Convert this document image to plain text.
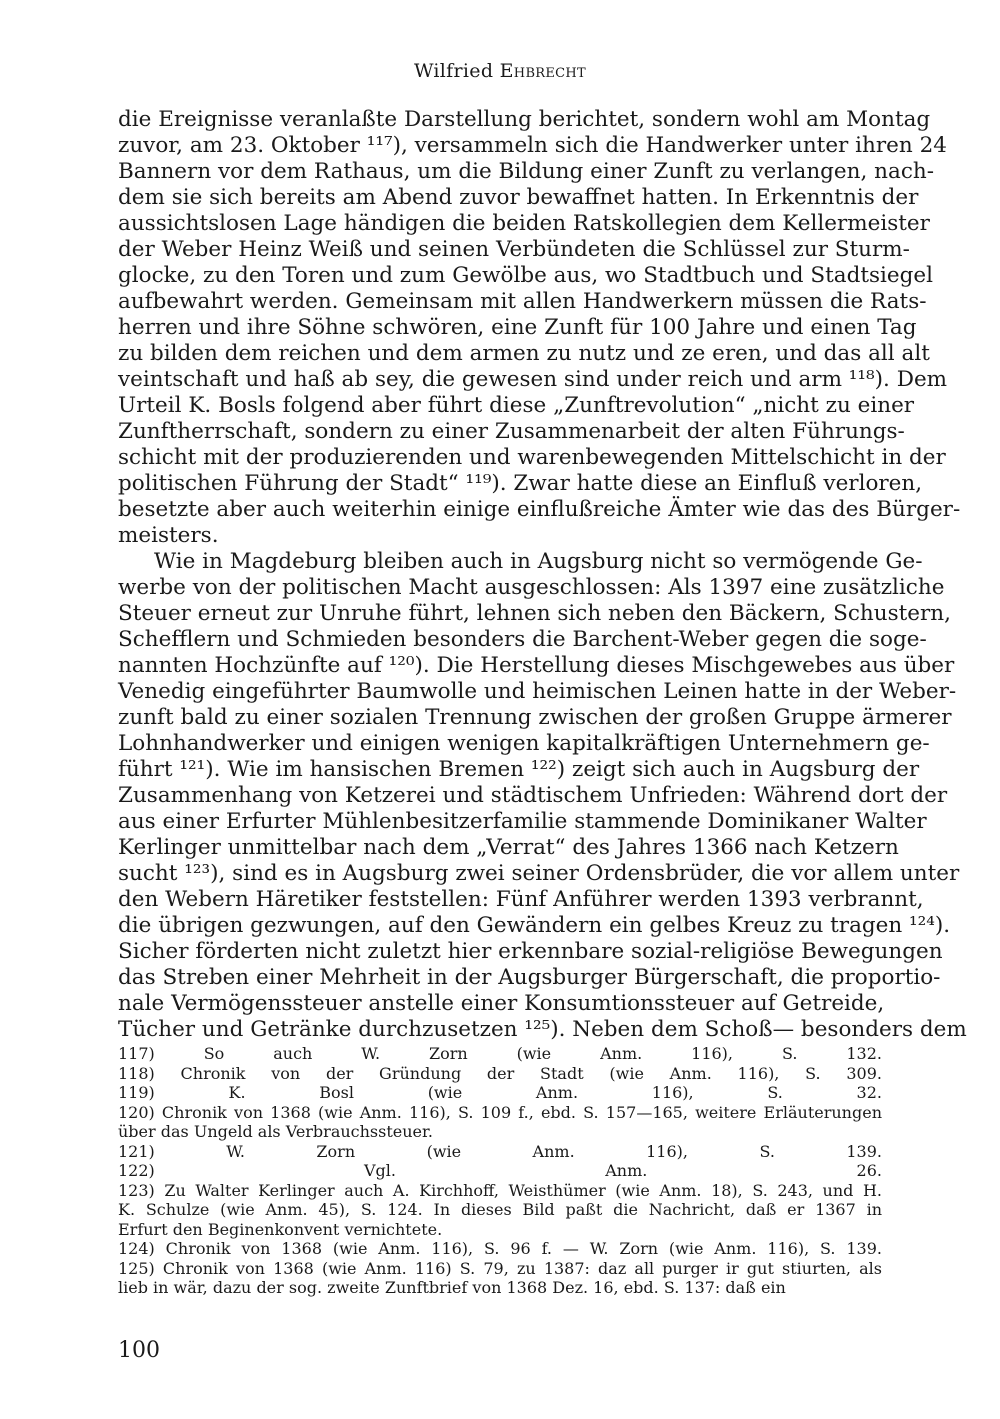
Wilfried Ehbrecht
die Ereignisse veranlaßte Darstellung berichtet, sondern wohl am Montag
zuvor, am 23. Oktober ¹¹⁷), versammeln sich die Handwerker unter ihren 24
Bannern vor dem Rathaus, um die Bildung einer Zunft zu verlangen, nach-
dem sie sich bereits am Abend zuvor bewaffnet hatten. In Erkenntnis der
aussichtslosen Lage händigen die beiden Ratskollegien dem Kellermeister
der Weber Heinz Weiß und seinen Verbündeten die Schlüssel zur Sturm-
glocke, zu den Toren und zum Gewölbe aus, wo Stadtbuch und Stadtsiegel
aufbewahrt werden. Gemeinsam mit allen Handwerkern müssen die Rats-
herren und ihre Söhne schwören, eine Zunft für 100 Jahre und einen Tag
zu bilden dem reichen und dem armen zu nutz und ze eren, und das all alt
veintschaft und haß ab sey, die gewesen sind under reich und arm ¹¹⁸). Dem
Urteil K. Bosls folgend aber führt diese „Zunftrevolution“ „nicht zu einer
Zunftherrschaft, sondern zu einer Zusammenarbeit der alten Führungs-
schicht mit der produzierenden und warenbewegenden Mittelschicht in der
politischen Führung der Stadt“ ¹¹⁹). Zwar hatte diese an Einfluß verloren,
besetzte aber auch weiterhin einige einflußreiche Ämter wie das des Bürger-
meisters.
Wie in Magdeburg bleiben auch in Augsburg nicht so vermögende Ge-
werbe von der politischen Macht ausgeschlossen: Als 1397 eine zusätzliche
Steuer erneut zur Unruhe führt, lehnen sich neben den Bäckern, Schustern,
Schefflern und Schmieden besonders die Barchent-Weber gegen die soge-
nannten Hochzünfte auf ¹²⁰). Die Herstellung dieses Mischgewebes aus über
Venedig eingeführter Baumwolle und heimischen Leinen hatte in der Weber-
zunft bald zu einer sozialen Trennung zwischen der großen Gruppe ärmerer
Lohnhandwerker und einigen wenigen kapitalkräftigen Unternehmern ge-
führt ¹²¹). Wie im hansischen Bremen ¹²²) zeigt sich auch in Augsburg der
Zusammenhang von Ketzerei und städtischem Unfrieden: Während dort der
aus einer Erfurter Mühlenbesitzerfamilie stammende Dominikaner Walter
Kerlinger unmittelbar nach dem „Verrat“ des Jahres 1366 nach Ketzern
sucht ¹²³), sind es in Augsburg zwei seiner Ordensbrüder, die vor allem unter
den Webern Häretiker feststellen: Fünf Anführer werden 1393 verbrannt,
die übrigen gezwungen, auf den Gewändern ein gelbes Kreuz zu tragen ¹²⁴).
Sicher förderten nicht zuletzt hier erkennbare sozial-religiöse Bewegungen
das Streben einer Mehrheit in der Augsburger Bürgerschaft, die proportio-
nale Vermögenssteuer anstelle einer Konsumtionssteuer auf Getreide,
Tücher und Getränke durchzusetzen ¹²⁵). Neben dem Schoß— besonders dem
117) So auch W. Zorn (wie Anm. 116), S. 132.
118) Chronik von der Gründung der Stadt (wie Anm. 116), S. 309.
119) K. Bosl (wie Anm. 116), S. 32.
120) Chronik von 1368 (wie Anm. 116), S. 109 f., ebd. S. 157—165, weitere Erläuterungen
über das Ungeld als Verbrauchssteuer.
121) W. Zorn (wie Anm. 116), S. 139.
122) Vgl. Anm. 26.
123) Zu Walter Kerlinger auch A. Kirchhoff, Weisthümer (wie Anm. 18), S. 243, und H.
K. Schulze (wie Anm. 45), S. 124. In dieses Bild paßt die Nachricht, daß er 1367 in
Erfurt den Beginenkonvent vernichtete.
124) Chronik von 1368 (wie Anm. 116), S. 96 f. — W. Zorn (wie Anm. 116), S. 139.
125) Chronik von 1368 (wie Anm. 116) S. 79, zu 1387: daz all purger ir gut stiurten, als
lieb in wär, dazu der sog. zweite Zunftbrief von 1368 Dez. 16, ebd. S. 137: daß ein
100
